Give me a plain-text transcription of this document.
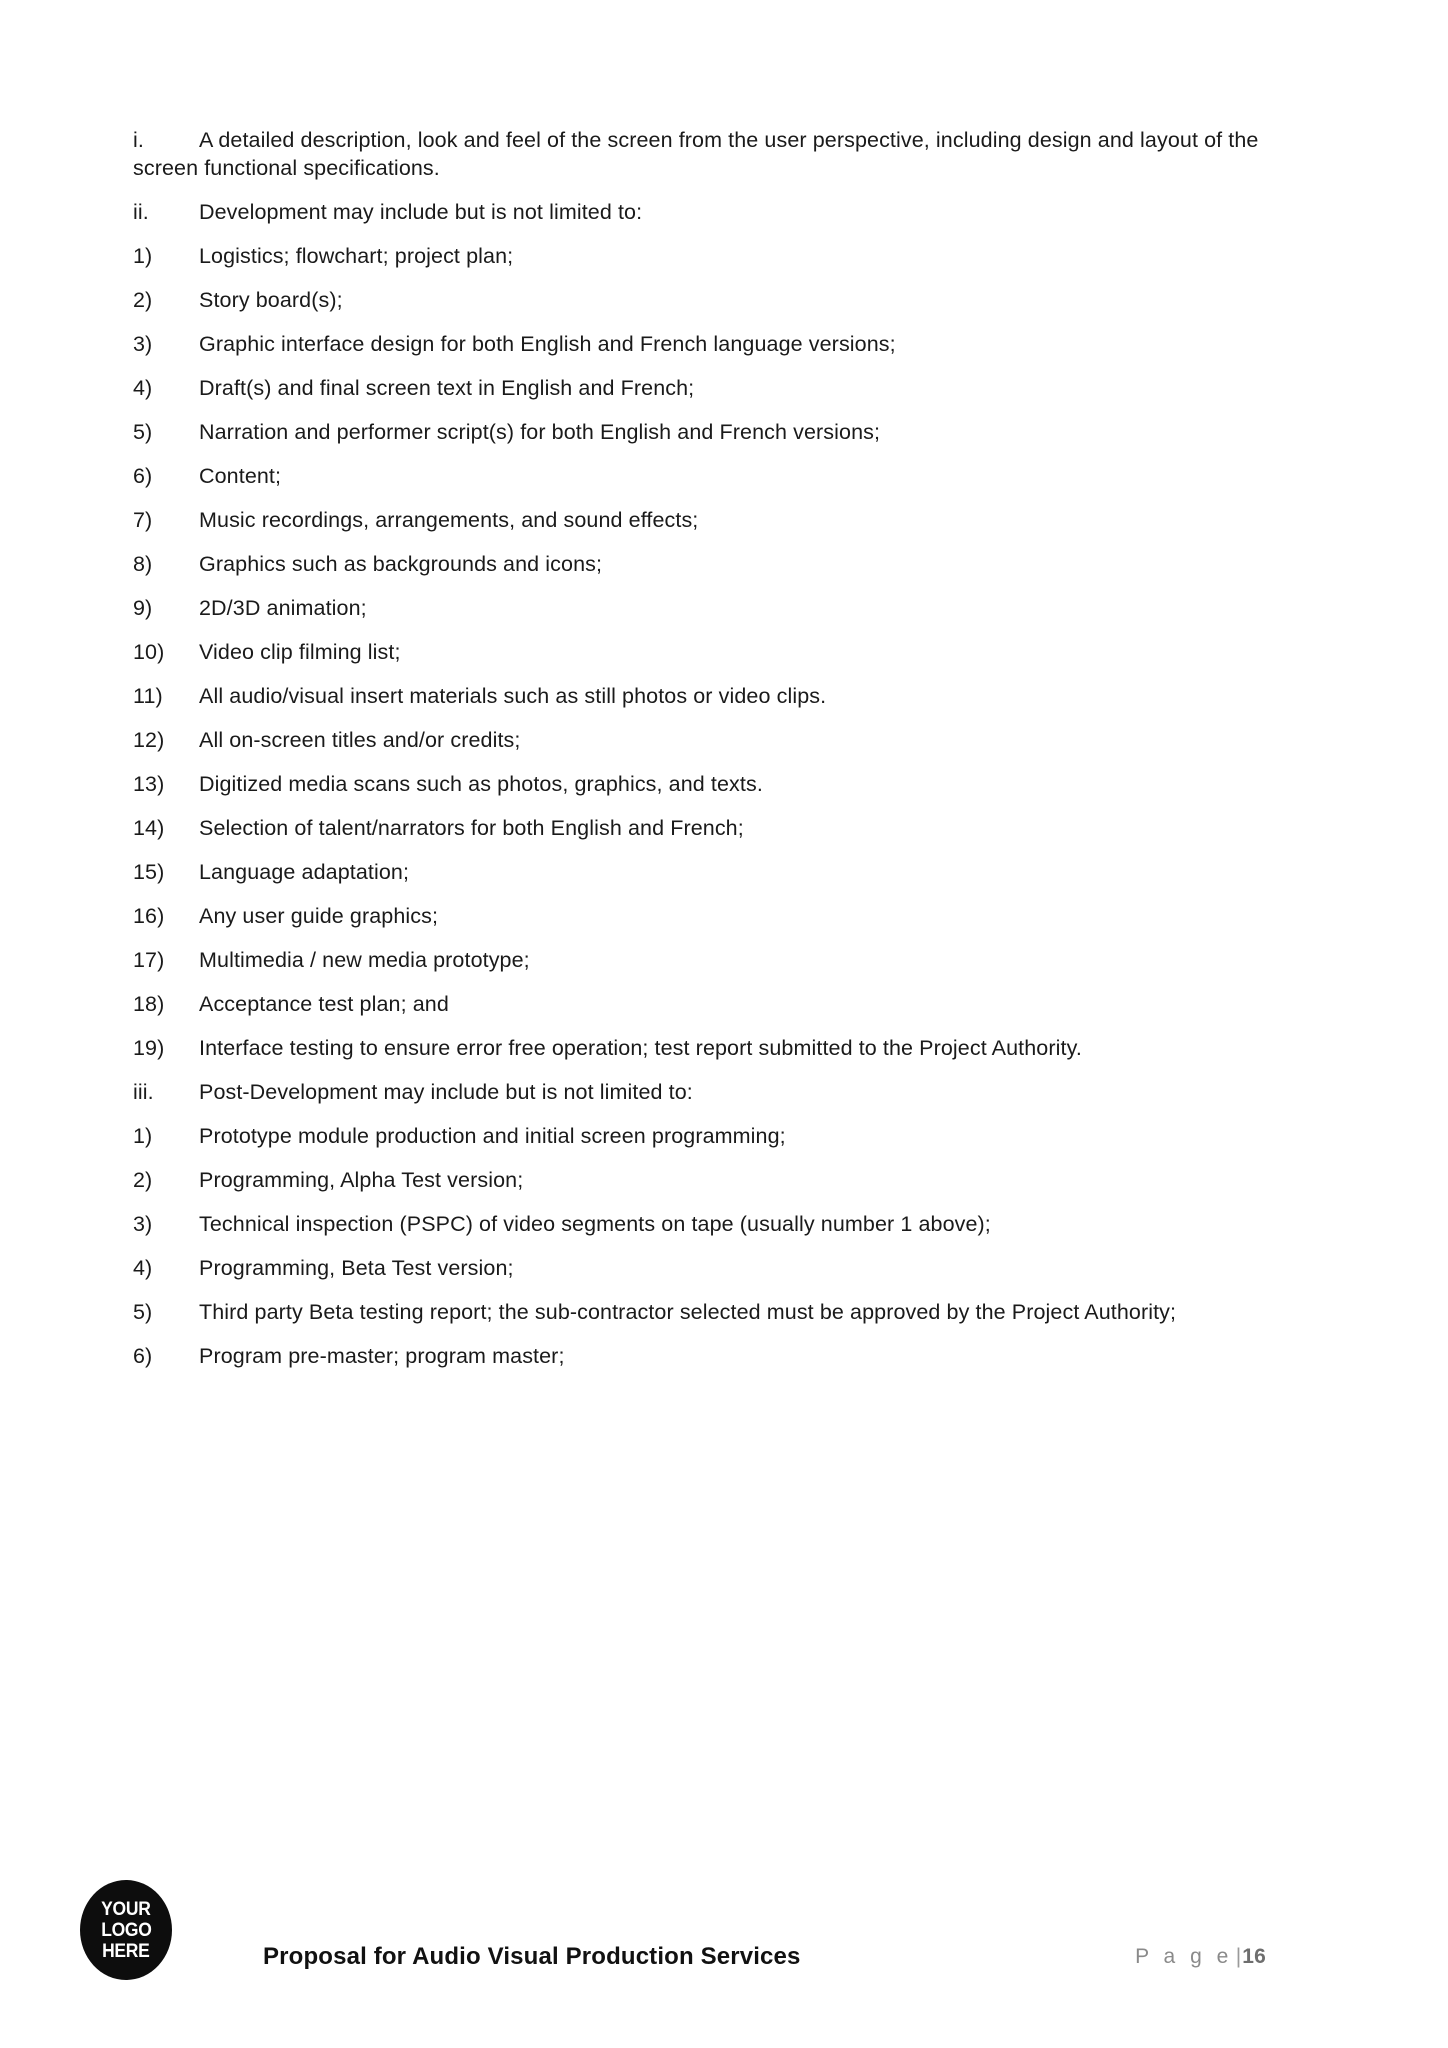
i.	A detailed description, look and feel of the screen from the user perspective, including design and layout of the screen functional specifications.

ii. Development may include but is not limited to:

1) Logistics; flowchart; project plan;

2) Story board(s);

3) Graphic interface design for both English and French language versions;

4) Draft(s) and final screen text in English and French;

5) Narration and performer script(s) for both English and French versions;

6) Content;

7) Music recordings, arrangements, and sound effects;

8) Graphics such as backgrounds and icons;

9) 2D/3D animation;

10) Video clip filming list;

11) All audio/visual insert materials such as still photos or video clips.

12) All on-screen titles and/or credits;

13) Digitized media scans such as photos, graphics, and texts.

14) Selection of talent/narrators for both English and French;

15) Language adaptation;

16) Any user guide graphics;

17) Multimedia / new media prototype;

18) Acceptance test plan; and

19) Interface testing to ensure error free operation; test report submitted to the Project Authority.

iii. Post-Development may include but is not limited to:

1) Prototype module production and initial screen programming;

2) Programming, Alpha Test version;

3) Technical inspection (PSPC) of video segments on tape (usually number 1 above);

4) Programming, Beta Test version;

5) Third party Beta testing report; the sub-contractor selected must be approved by the Project Authority;

6) Program pre-master; program master;

YOUR
LOGO
HERE	Proposal for Audio Visual Production Services	P a g e |16
